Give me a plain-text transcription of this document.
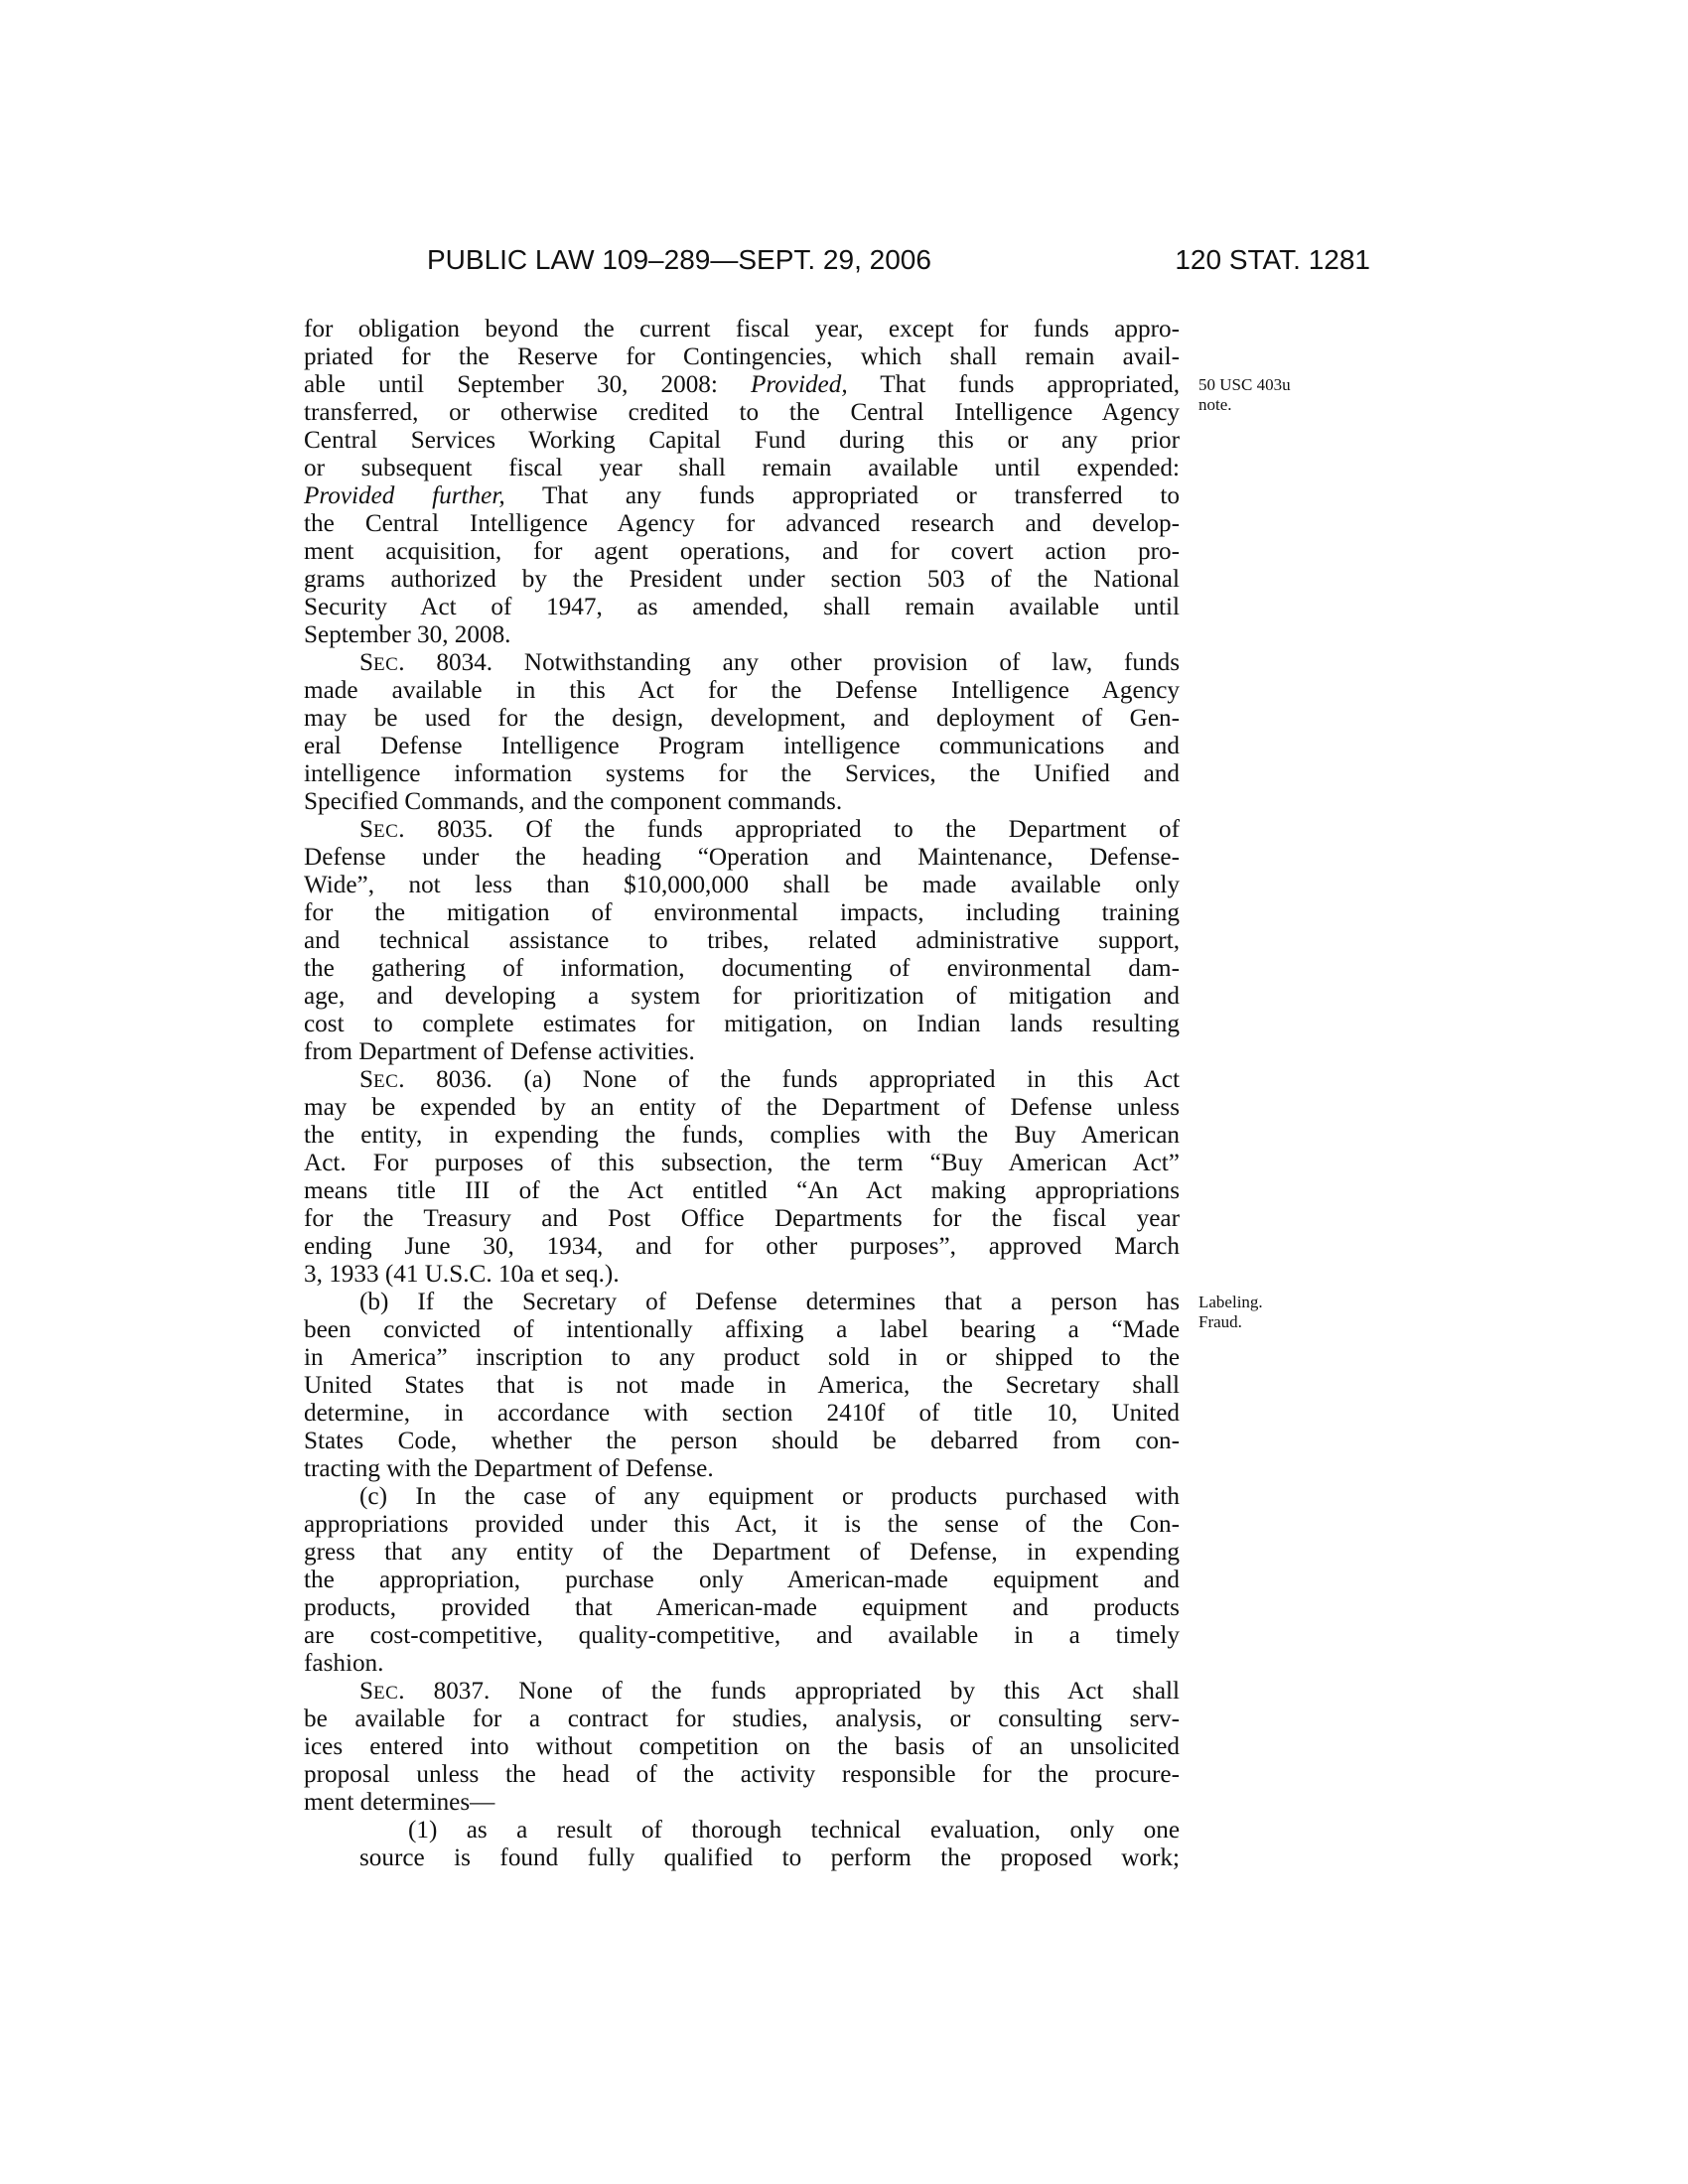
PUBLIC LAW 109–289—SEPT. 29, 2006	120 STAT. 1281
50 USC 403u
note.
Labeling.
Fraud.
for obligation beyond the current fiscal year, except for funds appro-
priated for the Reserve for Contingencies, which shall remain avail-
able until September 30, 2008: Provided, That funds appropriated,
transferred, or otherwise credited to the Central Intelligence Agency
Central Services Working Capital Fund during this or any prior
or subsequent fiscal year shall remain available until expended:
Provided further, That any funds appropriated or transferred to
the Central Intelligence Agency for advanced research and develop-
ment acquisition, for agent operations, and for covert action pro-
grams authorized by the President under section 503 of the National
Security Act of 1947, as amended, shall remain available until
September 30, 2008.
SEC. 8034. Notwithstanding any other provision of law, funds
made available in this Act for the Defense Intelligence Agency
may be used for the design, development, and deployment of Gen-
eral Defense Intelligence Program intelligence communications and
intelligence information systems for the Services, the Unified and
Specified Commands, and the component commands.
SEC. 8035. Of the funds appropriated to the Department of
Defense under the heading “Operation and Maintenance, Defense-
Wide”, not less than $10,000,000 shall be made available only
for the mitigation of environmental impacts, including training
and technical assistance to tribes, related administrative support,
the gathering of information, documenting of environmental dam-
age, and developing a system for prioritization of mitigation and
cost to complete estimates for mitigation, on Indian lands resulting
from Department of Defense activities.
SEC. 8036. (a) None of the funds appropriated in this Act
may be expended by an entity of the Department of Defense unless
the entity, in expending the funds, complies with the Buy American
Act. For purposes of this subsection, the term “Buy American Act”
means title III of the Act entitled “An Act making appropriations
for the Treasury and Post Office Departments for the fiscal year
ending June 30, 1934, and for other purposes”, approved March
3, 1933 (41 U.S.C. 10a et seq.).
(b) If the Secretary of Defense determines that a person has
been convicted of intentionally affixing a label bearing a “Made
in America” inscription to any product sold in or shipped to the
United States that is not made in America, the Secretary shall
determine, in accordance with section 2410f of title 10, United
States Code, whether the person should be debarred from con-
tracting with the Department of Defense.
(c) In the case of any equipment or products purchased with
appropriations provided under this Act, it is the sense of the Con-
gress that any entity of the Department of Defense, in expending
the appropriation, purchase only American-made equipment and
products, provided that American-made equipment and products
are cost-competitive, quality-competitive, and available in a timely
fashion.
SEC. 8037. None of the funds appropriated by this Act shall
be available for a contract for studies, analysis, or consulting serv-
ices entered into without competition on the basis of an unsolicited
proposal unless the head of the activity responsible for the procure-
ment determines—
(1) as a result of thorough technical evaluation, only one
source is found fully qualified to perform the proposed work;
